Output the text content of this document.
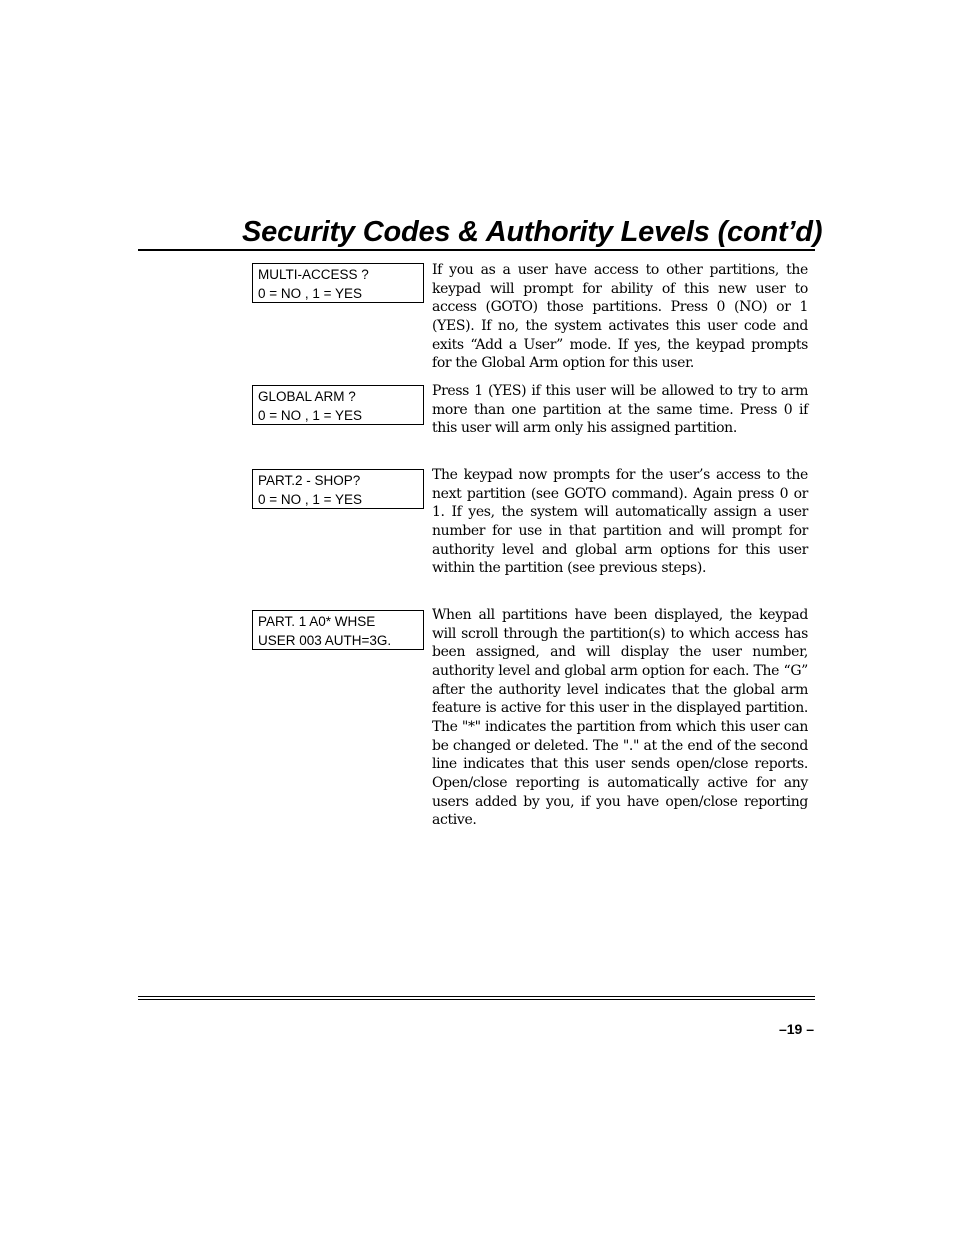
Security Codes & Authority Levels (cont’d)
MULTI-ACCESS ?
0 = NO , 1 = YES

If you as a user have access to other partitions, the keypad will prompt for ability of this new user to access (GOTO) those partitions. Press 0 (NO) or 1 (YES). If no, the system activates this user code and exits “Add a User” mode. If yes, the keypad prompts for the Global Arm option for this user.

GLOBAL ARM ?
0 = NO , 1 = YES

Press 1 (YES) if this user will be allowed to try to arm more than one partition at the same time. Press 0 if this user will arm only his assigned partition.

PART.2 - SHOP?
0 = NO , 1 = YES

The keypad now prompts for the user’s access to the next partition (see GOTO command). Again press 0 or 1. If yes, the system will automatically assign a user number for use in that partition and will prompt for authority level and global arm options for this user within the partition (see previous steps).

PART. 1 A0* WHSE
USER 003 AUTH=3G.

When all partitions have been displayed, the keypad will scroll through the partition(s) to which access has been assigned, and will display the user number, authority level and global arm option for each. The “G” after the authority level indicates that the global arm feature is active for this user in the displayed partition. The "*" indicates the partition from which this user can be changed or deleted. The "." at the end of the second line indicates that this user sends open/close reports. Open/close reporting is automatically active for any users added by you, if you have open/close reporting active.

–19 –
